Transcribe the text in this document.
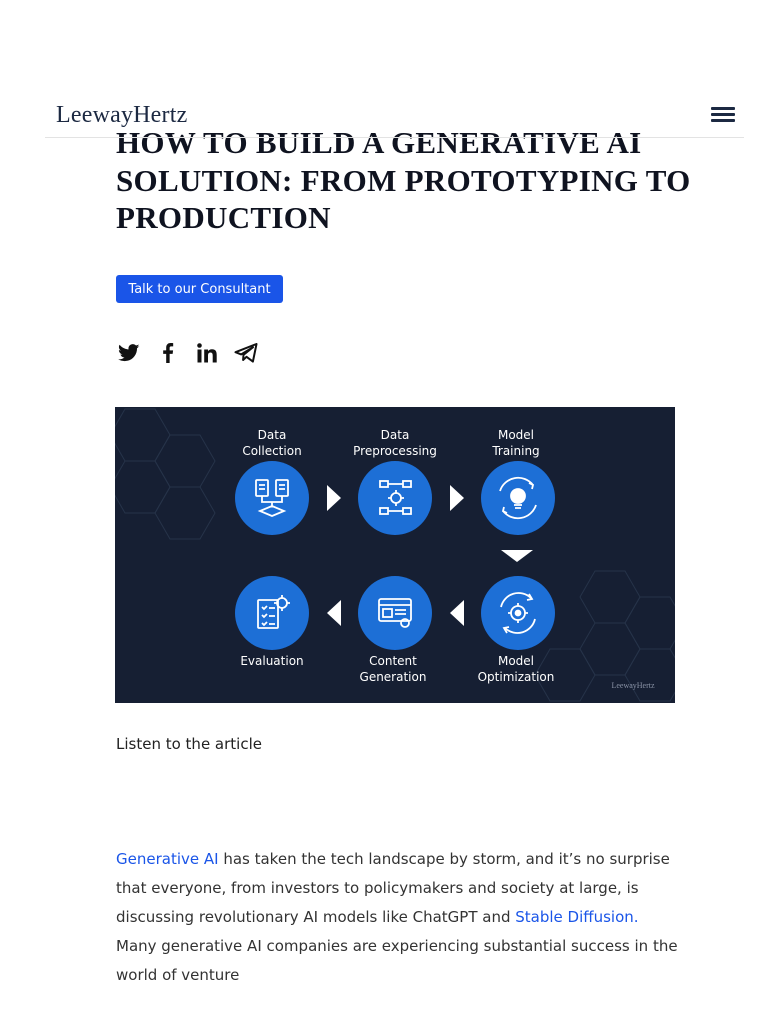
LeewayHertz
HOW TO BUILD A GENERATIVE AI SOLUTION: FROM PROTOTYPING TO PRODUCTION
Talk to our Consultant
Data
Collection
Data
Preprocessing
Model
Training
Model
Optimization
Content
Generation
Evaluation
LeewayHertz
Listen to the article

Generative AI has taken the tech landscape by storm, and it’s no surprise that everyone, from investors to policymakers and society at large, is discussing revolutionary AI models like ChatGPT and Stable Diffusion. Many generative AI companies are experiencing substantial success in the world of venture
